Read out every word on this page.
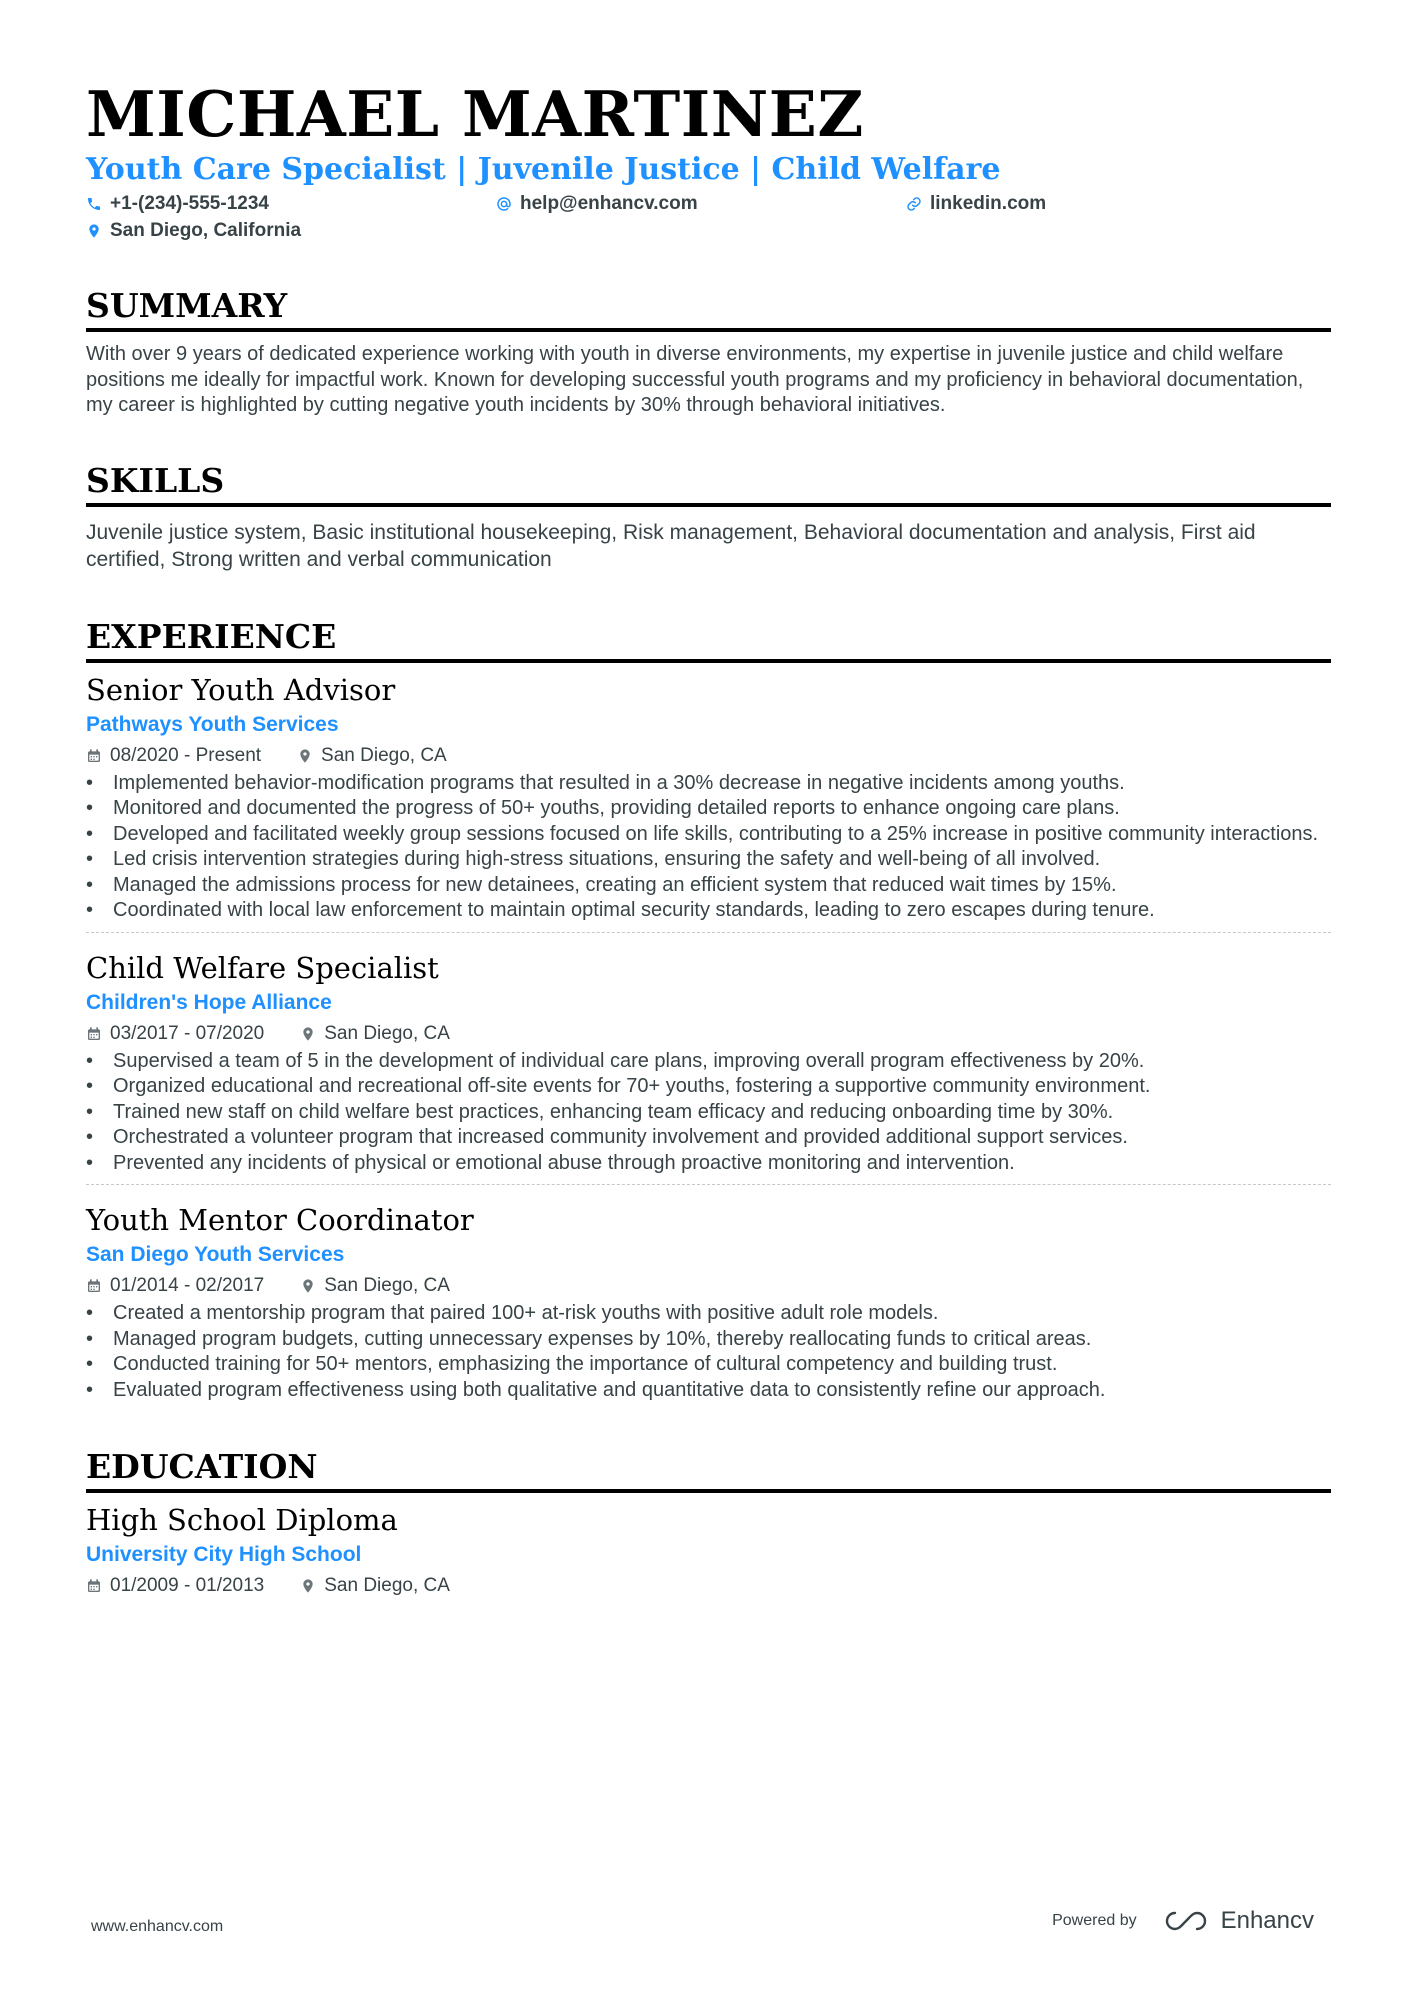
MICHAEL MARTINEZ
Youth Care Specialist | Juvenile Justice | Child Welfare
+1-(234)-555-1234	help@enhancv.com	linkedin.com
San Diego, California
SUMMARY
With over 9 years of dedicated experience working with youth in diverse environments, my expertise in juvenile justice and child welfare positions me ideally for impactful work. Known for developing successful youth programs and my proficiency in behavioral documentation, my career is highlighted by cutting negative youth incidents by 30% through behavioral initiatives.
SKILLS
Juvenile justice system, Basic institutional housekeeping, Risk management, Behavioral documentation and analysis, First aid certified, Strong written and verbal communication
EXPERIENCE
Senior Youth Advisor
Pathways Youth Services
08/2020 - Present	San Diego, CA
• Implemented behavior-modification programs that resulted in a 30% decrease in negative incidents among youths.
• Monitored and documented the progress of 50+ youths, providing detailed reports to enhance ongoing care plans.
• Developed and facilitated weekly group sessions focused on life skills, contributing to a 25% increase in positive community interactions.
• Led crisis intervention strategies during high-stress situations, ensuring the safety and well-being of all involved.
• Managed the admissions process for new detainees, creating an efficient system that reduced wait times by 15%.
• Coordinated with local law enforcement to maintain optimal security standards, leading to zero escapes during tenure.
Child Welfare Specialist
Children's Hope Alliance
03/2017 - 07/2020	San Diego, CA
• Supervised a team of 5 in the development of individual care plans, improving overall program effectiveness by 20%.
• Organized educational and recreational off-site events for 70+ youths, fostering a supportive community environment.
• Trained new staff on child welfare best practices, enhancing team efficacy and reducing onboarding time by 30%.
• Orchestrated a volunteer program that increased community involvement and provided additional support services.
• Prevented any incidents of physical or emotional abuse through proactive monitoring and intervention.
Youth Mentor Coordinator
San Diego Youth Services
01/2014 - 02/2017	San Diego, CA
• Created a mentorship program that paired 100+ at-risk youths with positive adult role models.
• Managed program budgets, cutting unnecessary expenses by 10%, thereby reallocating funds to critical areas.
• Conducted training for 50+ mentors, emphasizing the importance of cultural competency and building trust.
• Evaluated program effectiveness using both qualitative and quantitative data to consistently refine our approach.
EDUCATION
High School Diploma
University City High School
01/2009 - 01/2013	San Diego, CA
www.enhancv.com	Powered by	Enhancv
